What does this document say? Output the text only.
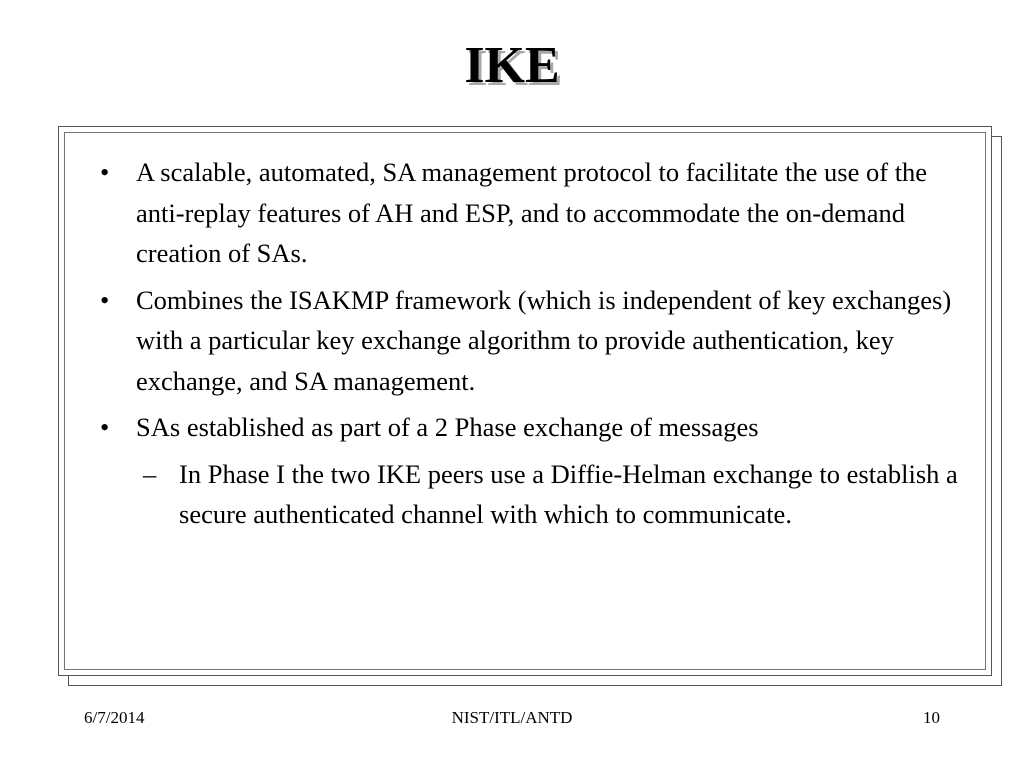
IKE
• A scalable, automated, SA management protocol to facilitate the use of the anti-replay features of AH and ESP, and to accommodate the on-demand creation of SAs.
• Combines the ISAKMP framework (which is independent of key exchanges) with a particular key exchange algorithm to provide authentication, key exchange, and SA management.
• SAs established as part of a 2 Phase exchange of messages
– In Phase I the two IKE peers use a Diffie-Helman exchange to establish a secure authenticated channel with which to communicate.
6/7/2014	NIST/ITL/ANTD	10
